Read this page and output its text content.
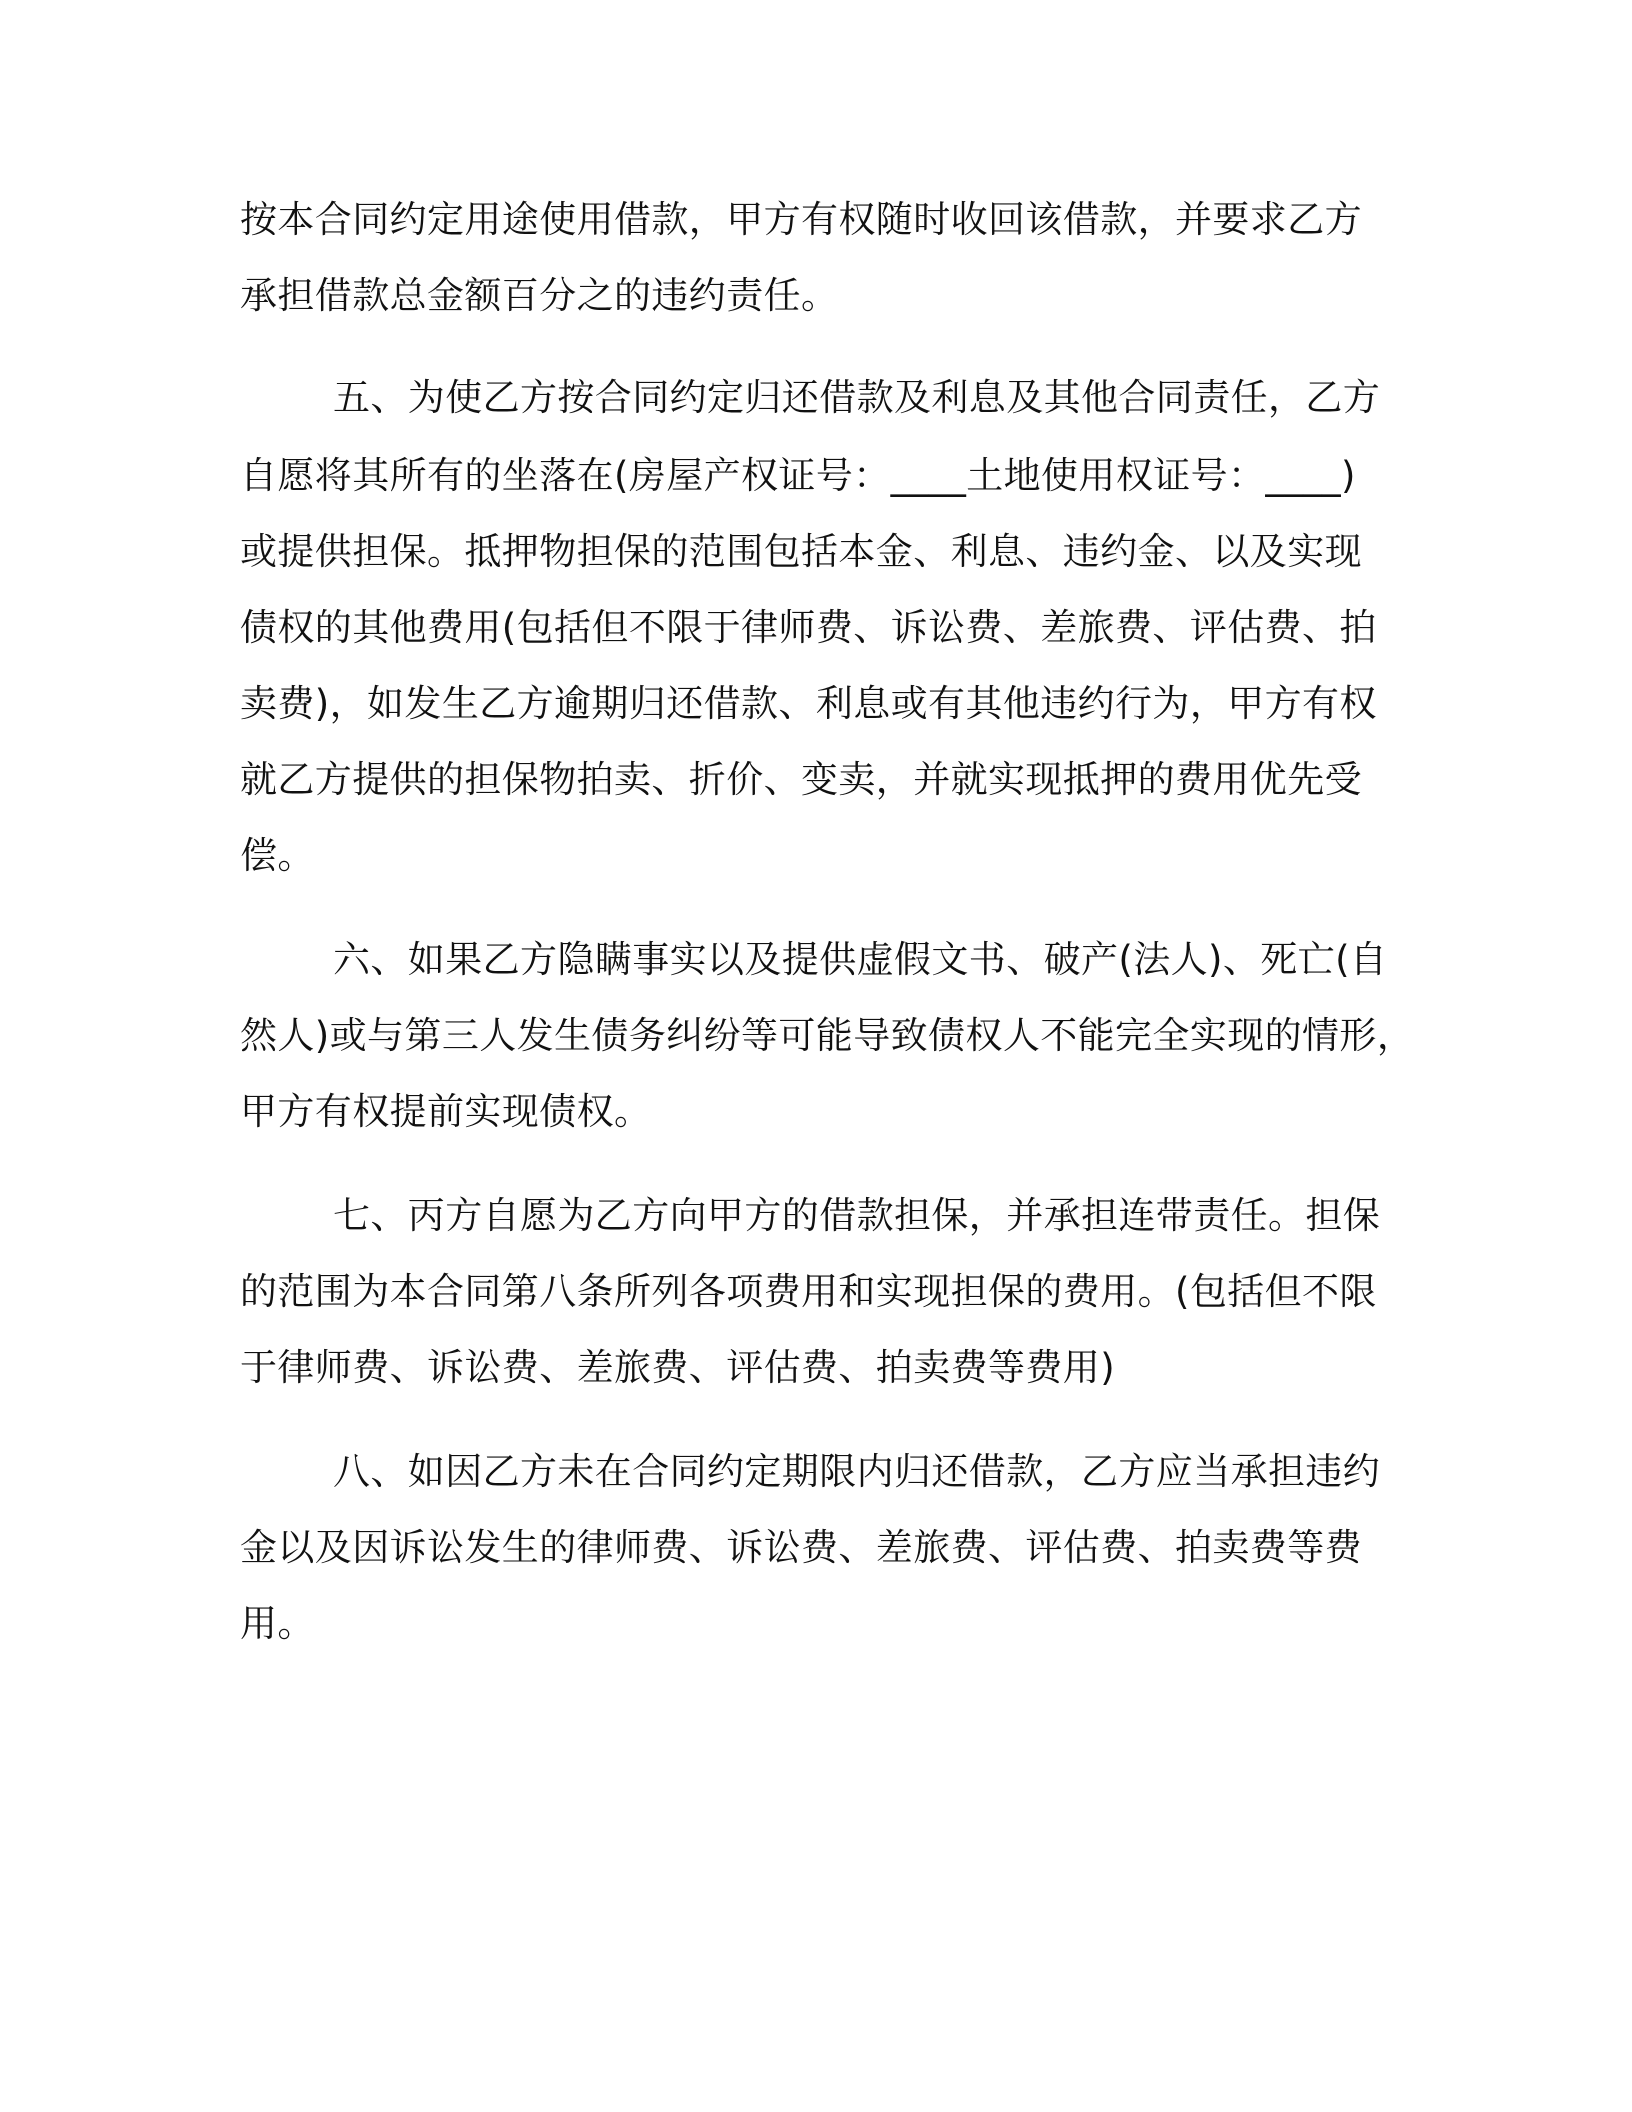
按本合同约定用途使用借款，甲方有权随时收回该借款，并要求乙方

承担借款总金额百分之的违约责任。

五、为使乙方按合同约定归还借款及利息及其他合同责任，乙方

自愿将其所有的坐落在(房屋产权证号：____土地使用权证号：____)

或提供担保。抵押物担保的范围包括本金、利息、违约金、以及实现

债权的其他费用(包括但不限于律师费、诉讼费、差旅费、评估费、拍

卖费)，如发生乙方逾期归还借款、利息或有其他违约行为，甲方有权

就乙方提供的担保物拍卖、折价、变卖，并就实现抵押的费用优先受

偿。

六、如果乙方隐瞒事实以及提供虚假文书、破产(法人)、死亡(自

然人)或与第三人发生债务纠纷等可能导致债权人不能完全实现的情形，

甲方有权提前实现债权。

七、丙方自愿为乙方向甲方的借款担保，并承担连带责任。担保

的范围为本合同第八条所列各项费用和实现担保的费用。(包括但不限

于律师费、诉讼费、差旅费、评估费、拍卖费等费用)

八、如因乙方未在合同约定期限内归还借款，乙方应当承担违约

金以及因诉讼发生的律师费、诉讼费、差旅费、评估费、拍卖费等费

用。
